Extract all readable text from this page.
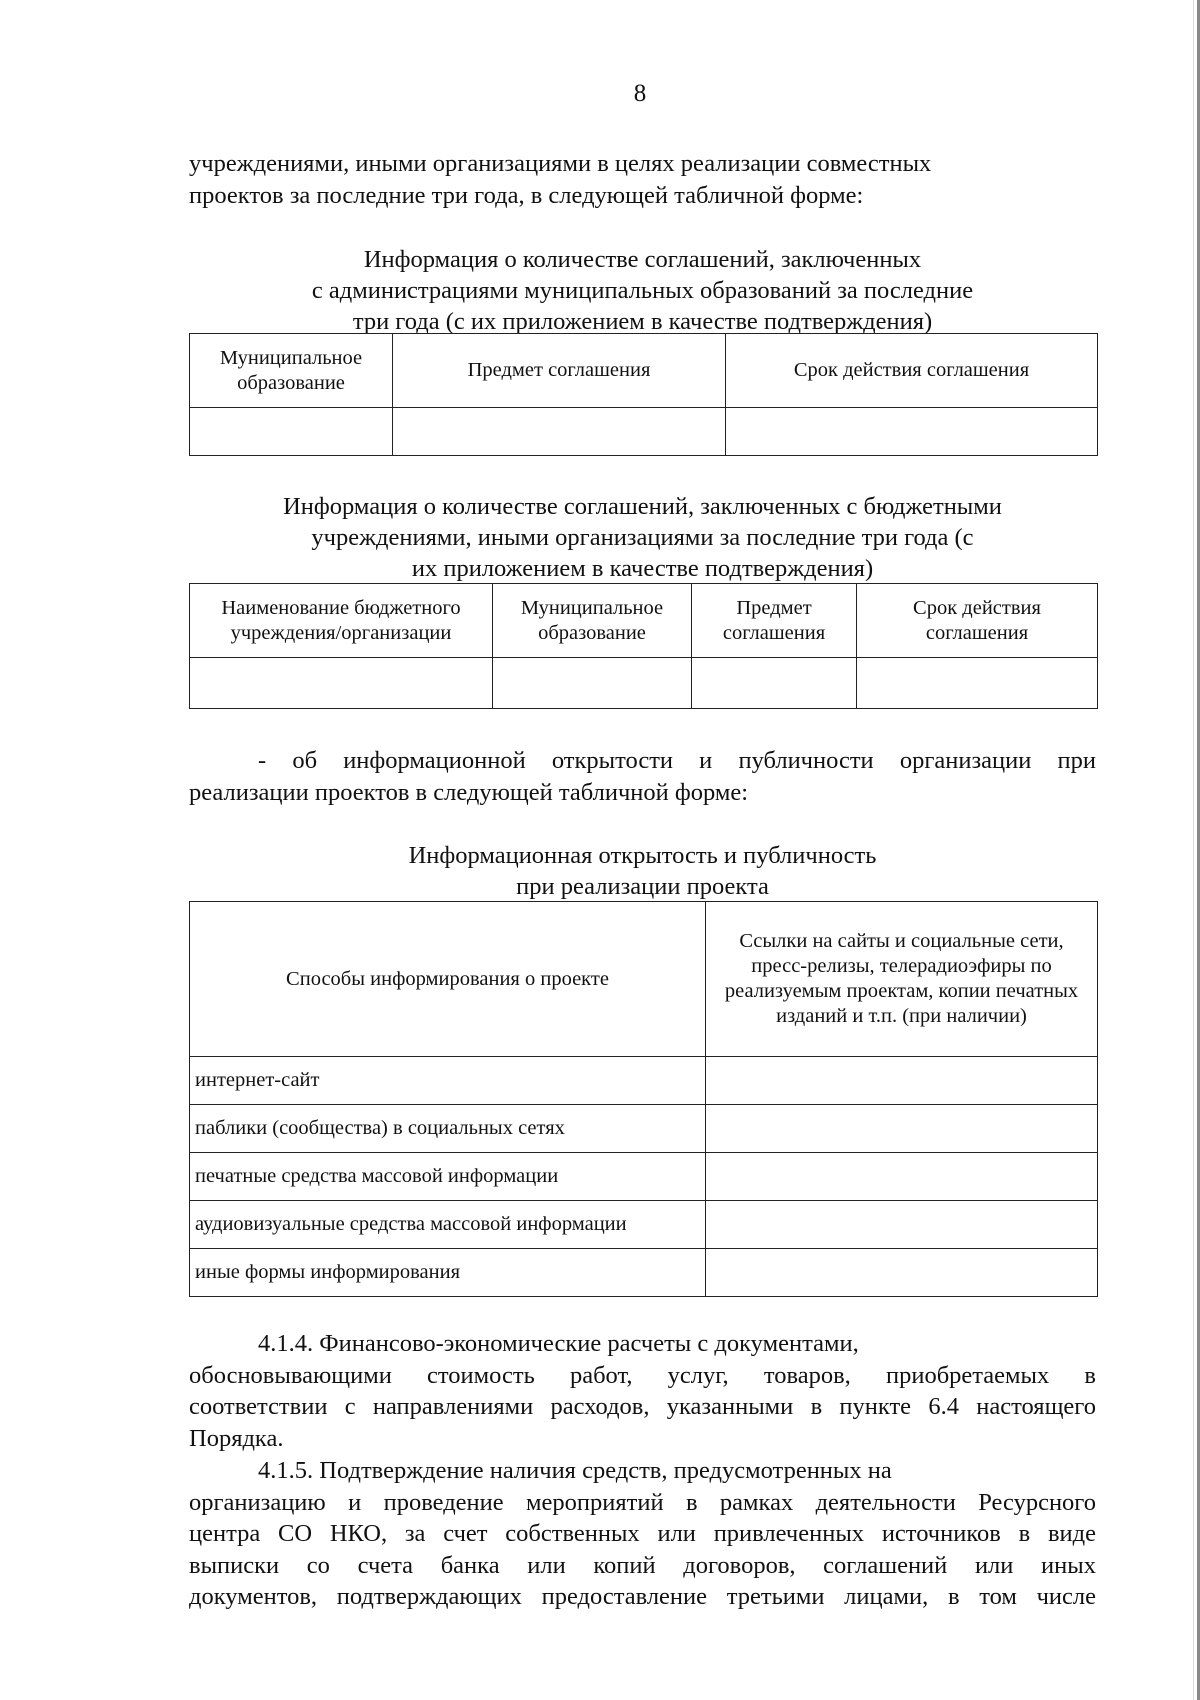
8
учреждениями, иными организациями в целях реализации совместных
проектов за последние три года, в следующей табличной форме:
Информация о количестве соглашений, заключенных
с администрациями муниципальных образований за последние
три года (с их приложением в качестве подтверждения)
Муниципальное образование	Предмет соглашения	Срок действия соглашения

Информация о количестве соглашений, заключенных с бюджетными
учреждениями, иными организациями за последние три года (с
их приложением в качестве подтверждения)
Наименование бюджетного учреждения/организации	Муниципальное образование	Предмет соглашения	Срок действия соглашения

- об информационной открытости и публичности организации при
реализации проектов в следующей табличной форме:
Информационная открытость и публичность
при реализации проекта
Способы информирования о проекте	Ссылки на сайты и социальные сети, пресс-релизы, телерадиоэфиры по реализуемым проектам, копии печатных изданий и т.п. (при наличии)
интернет-сайт	
паблики (сообщества) в социальных сетях	
печатные средства массовой информации	
аудиовизуальные средства массовой информации	
иные формы информирования	
4.1.4. Финансово-экономические расчеты с документами,
обосновывающими стоимость работ, услуг, товаров, приобретаемых в
соответствии с направлениями расходов, указанными в пункте 6.4 настоящего
Порядка.
4.1.5. Подтверждение наличия средств, предусмотренных на
организацию и проведение мероприятий в рамках деятельности Ресурсного
центра СО НКО, за счет собственных или привлеченных источников в виде
выписки со счета банка или копий договоров, соглашений или иных
документов, подтверждающих предоставление третьими лицами, в том числе
